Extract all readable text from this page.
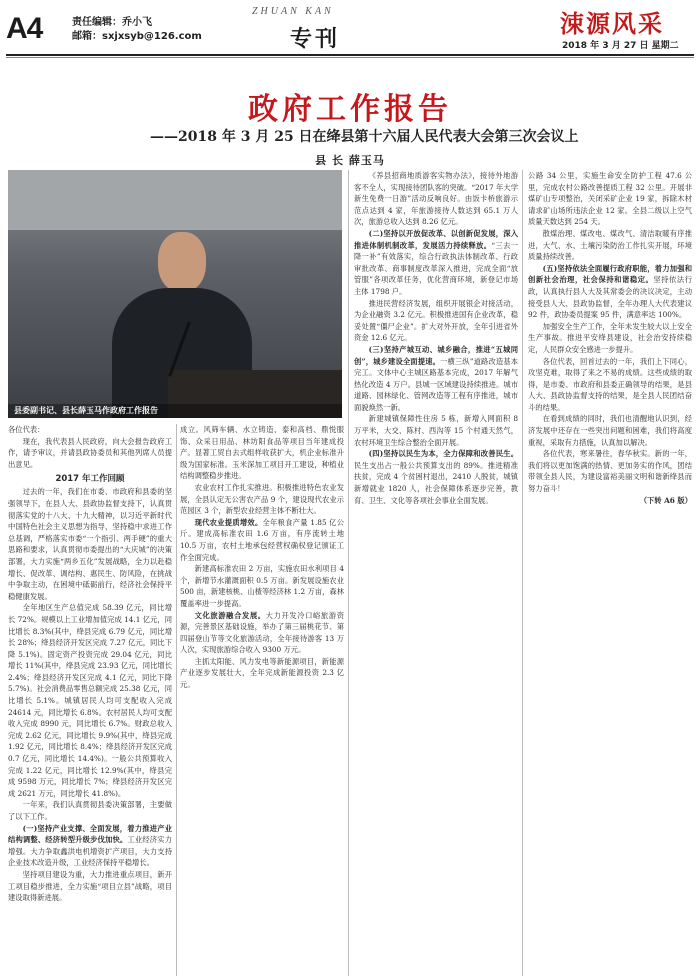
A4	责任编辑：乔小飞
邮箱：sxjxsyb@126.com
ZHUAN KAN
专刊
涑源风采
2018 年 3 月 27 日 星期二
政府工作报告
——2018 年 3 月 25 日在绛县第十六届人民代表大会第三次会议上
县 长 薛玉马
县委副书记、县长薛玉马作政府工作报告

各位代表：

现在，我代表县人民政府，向大会报告政府工作，请予审议，并请县政协委员和其他列席人员提出意见。

2017 年工作回顾

过去的一年，我们在市委、市政府和县委的坚强领导下，在县人大、县政协监督支持下，认真贯彻落实党的十八大、十九大精神，以习近平新时代中国特色社会主义思想为指导，坚持稳中求进工作总基调，严格落实市委“一个指引、两手硬”的重大思路和要求，认真贯彻市委提出的“大庆城”的决策部署，大力实施“两乡五化”发展战略，全力以赴稳增长、促改革、调结构、惠民生、防风险，在挑战中争取主动，在困境中砥砺前行，经济社会保持平稳健康发展。

全年地区生产总值完成 58.39 亿元，同比增长 72%。规模以上工业增加值完成 14.1 亿元，同比增长 8.3%(其中，绛县完成 6.79 亿元，同比增长 28%；绛县经济开发区完成 7.27 亿元，同比下降 5.1%)。固定资产投资完成 29.04 亿元，同比增长 11%(其中，绛县完成 23.93 亿元，同比增长 2.4%；绛县经济开发区完成 4.1 亿元，同比下降 5.7%)。社会消费品零售总额完成 25.38 亿元，同比增长 5.1%。城镇居民人均可支配收入完成 24614 元，同比增长 6.8%。农村居民人均可支配收入完成 8990 元，同比增长 6.7%。财政总收入完成 2.62 亿元，同比增长 9.9%(其中，绛县完成 1.92 亿元，同比增长 8.4%；绛县经济开发区完成 0.7 亿元，同比增长 14.4%)。一般公共预算收入完成 1.22 亿元，同比增长 12.9%(其中，绛县完成 9598 万元，同比增长 7%；绛县经济开发区完成 2621 万元，同比增长 41.8%)。

一年来，我们认真贯彻县委决策部署，主要做了以下工作。

(一)坚持产业支撑、全面发展，着力推进产业结构调整、经济转型升级步伐加快。工业经济实力增强。大力争取鑫洪电机增资扩产项目，大力支持企业技术改造升级，工业经济保持平稳增长。

坚持项目建设为重，大力推进重点项目，新开工项目稳步推进，全力实施“项目立县”战略，项目建设取得新进展。

成立。风筛车辆、水立铸造、泰和高档、鼎悦服饰、众采日用品、林坊阳食品等项目当年建成投产。显著工贸自去式组样收获扩大，机企业标准升级为国家标准。玉米深加工项目开工建设，种植业结构调整稳步推进。

农业农村工作扎实推进。积极推进特色农业发展，全县认定无公害农产品 9 个，建设现代农业示范园区 3 个，新型农业经营主体不断壮大。

现代农业提质增效。全年粮食产量 1.85 亿公斤。建成高标准农田 1.6 万亩，有序流转土地 10.5 万亩，农村土地承包经营权确权登记颁证工作全面完成。

新建高标准农田 2 万亩，实施农田水利项目 4 个，新增节水灌溉面积 0.5 万亩。新发展设施农业 500 亩，新建核桃、山楂等经济林 1.2 万亩，森林覆盖率进一步提高。

文化旅游融合发展。大力开发冷口峪旅游资源，完善景区基础设施，举办了第三届桃花节、第四届登山节等文化旅游活动，全年接待游客 13 万人次，实现旅游综合收入 9300 万元。

主抓太阳能、风力发电等新能源项目，新能源产业逐步发展壮大，全年完成新能源投资 2.3 亿元。

《养县招商地质游客实物办法》，接待外地游客不全人，实现接待团队客的突破。“2017 年大学新生免费一日游”活动反响良好。由饭卡桥旅游示范点达到 4 家，年旅游接待人数达到 65.1 万人次，旅游总收入达到 8.26 亿元。

(二)坚持以开放促改革、以创新促发展，深入推进体制机制改革，发展活力持续释放。“三去一降一补”有效落实，综合行政执法体制改革、行政审批改革、商事制度改革深入推进，完成全面“放管服”各项改革任务，优化营商环境，新登记市场主体 1798 户。

推进民营经济发展，组织开展银企对接活动，为企业融资 3.2 亿元。积极推进国有企业改革，稳妥处置“僵尸企业”。扩大对外开放，全年引进省外资金 12.6 亿元。

(三)坚持产城互动、城乡融合，推进“五城同创”，城乡建设全面提速。一横三纵”道路改造基本完工。文体中心主城区路基本完成，2017 年解气热化改造 4 万户。县城一区域建设持续推进。城市道路、园林绿化、管网改造等工程有序推进，城市面貌焕然一新。

新建城镇保障性住房 5 栋，新增入网面积 8 万平米，大交、陈村、西沟等 15 个村通天然气，农村环境卫生综合整治全面开展。

(四)坚持以民生为本，全力保障和改善民生。民生支出占一般公共预算支出的 89%。推进精准扶贫，完成 4 个贫困村退出，2410 人脱贫，城镇新增就业 1820 人，社会保障体系逐步完善，教育、卫生、文化等各项社会事业全面发展。

公路 34 公里，实施生命安全防护工程 47.6 公里，完成农村公路改善提质工程 32 公里。开展非煤矿山专项整治，关闭采矿企业 19 家，拆除木材请求矿山场所违法企业 12 家。全县二级以上空气质量天数达到 254 天。

散煤治理、煤改电、煤改气、清洁取暖有序推进，大气、水、土壤污染防治工作扎实开展，环境质量持续改善。

(五)坚持依法全面履行政府职能，着力加强和创新社会治理，社会保持和谐稳定。坚持依法行政，认真执行县人大及其常委会的决议决定，主动接受县人大、县政协监督，全年办理人大代表建议 92 件，政协委员提案 95 件，满意率达 100%。

加强安全生产工作，全年未发生较大以上安全生产事故。推进平安绛县建设，社会治安持续稳定，人民群众安全感进一步提升。

各位代表，回首过去的一年，我们上下同心，攻坚克难，取得了来之不易的成绩。这些成绩的取得，是市委、市政府和县委正确领导的结果，是县人大、县政协监督支持的结果，是全县人民团结奋斗的结果。

在看到成绩的同时，我们也清醒地认识到，经济发展中还存在一些突出问题和困难，我们将高度重视，采取有力措施，认真加以解决。

各位代表，寒来暑往，春华秋实。新的一年，我们将以更加饱满的热情、更加务实的作风，团结带领全县人民，为建设富裕美丽文明和谐新绛县而努力奋斗！

（下转 A6 版）
